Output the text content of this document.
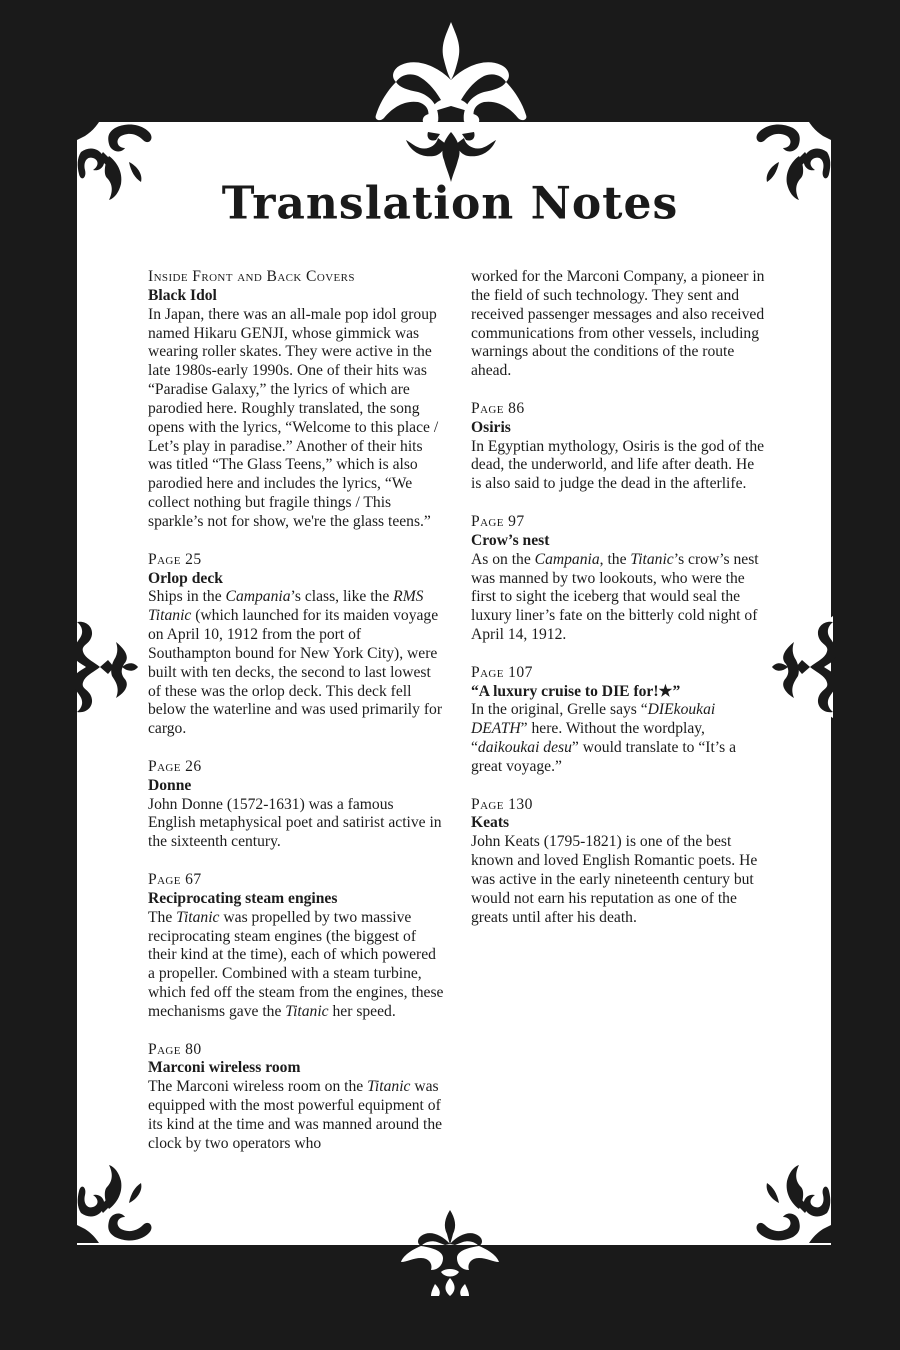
Translation Notes
Inside Front and Back Covers
Black Idol
In Japan, there was an all-male pop idol group named Hikaru GENJI, whose gimmick was wearing roller skates. They were active in the late 1980s-early 1990s. One of their hits was “Paradise Galaxy,” the lyrics of which are parodied here. Roughly translated, the song opens with the lyrics, “Welcome to this place / Let’s play in paradise.” Another of their hits was titled “The Glass Teens,” which is also parodied here and includes the lyrics, “We collect nothing but fragile things / This sparkle’s not for show, we're the glass teens.”
Page 25
Orlop deck
Ships in the Campania’s class, like the RMS Titanic (which launched for its maiden voyage on April 10, 1912 from the port of Southampton bound for New York City), were built with ten decks, the second to last lowest of these was the orlop deck. This deck fell below the waterline and was used primarily for cargo.
Page 26
Donne
John Donne (1572-1631) was a famous English metaphysical poet and satirist active in the sixteenth century.
Page 67
Reciprocating steam engines
The Titanic was propelled by two massive reciprocating steam engines (the biggest of their kind at the time), each of which powered a propeller. Combined with a steam turbine, which fed off the steam from the engines, these mechanisms gave the Titanic her speed.
Page 80
Marconi wireless room
The Marconi wireless room on the Titanic was equipped with the most powerful equipment of its kind at the time and was manned around the clock by two operators who
worked for the Marconi Company, a pioneer in the field of such technology. They sent and received passenger messages and also received communications from other vessels, including warnings about the conditions of the route ahead.
Page 86
Osiris
In Egyptian mythology, Osiris is the god of the dead, the underworld, and life after death. He is also said to judge the dead in the afterlife.
Page 97
Crow’s nest
As on the Campania, the Titanic’s crow’s nest was manned by two lookouts, who were the first to sight the iceberg that would seal the luxury liner’s fate on the bitterly cold night of April 14, 1912.
Page 107
“A luxury cruise to DIE for!★”
In the original, Grelle says “DIEkoukai DEATH” here. Without the wordplay, “daikoukai desu” would translate to “It’s a great voyage.”
Page 130
Keats
John Keats (1795-1821) is one of the best known and loved English Romantic poets. He was active in the early nineteenth century but would not earn his reputation as one of the greats until after his death.
